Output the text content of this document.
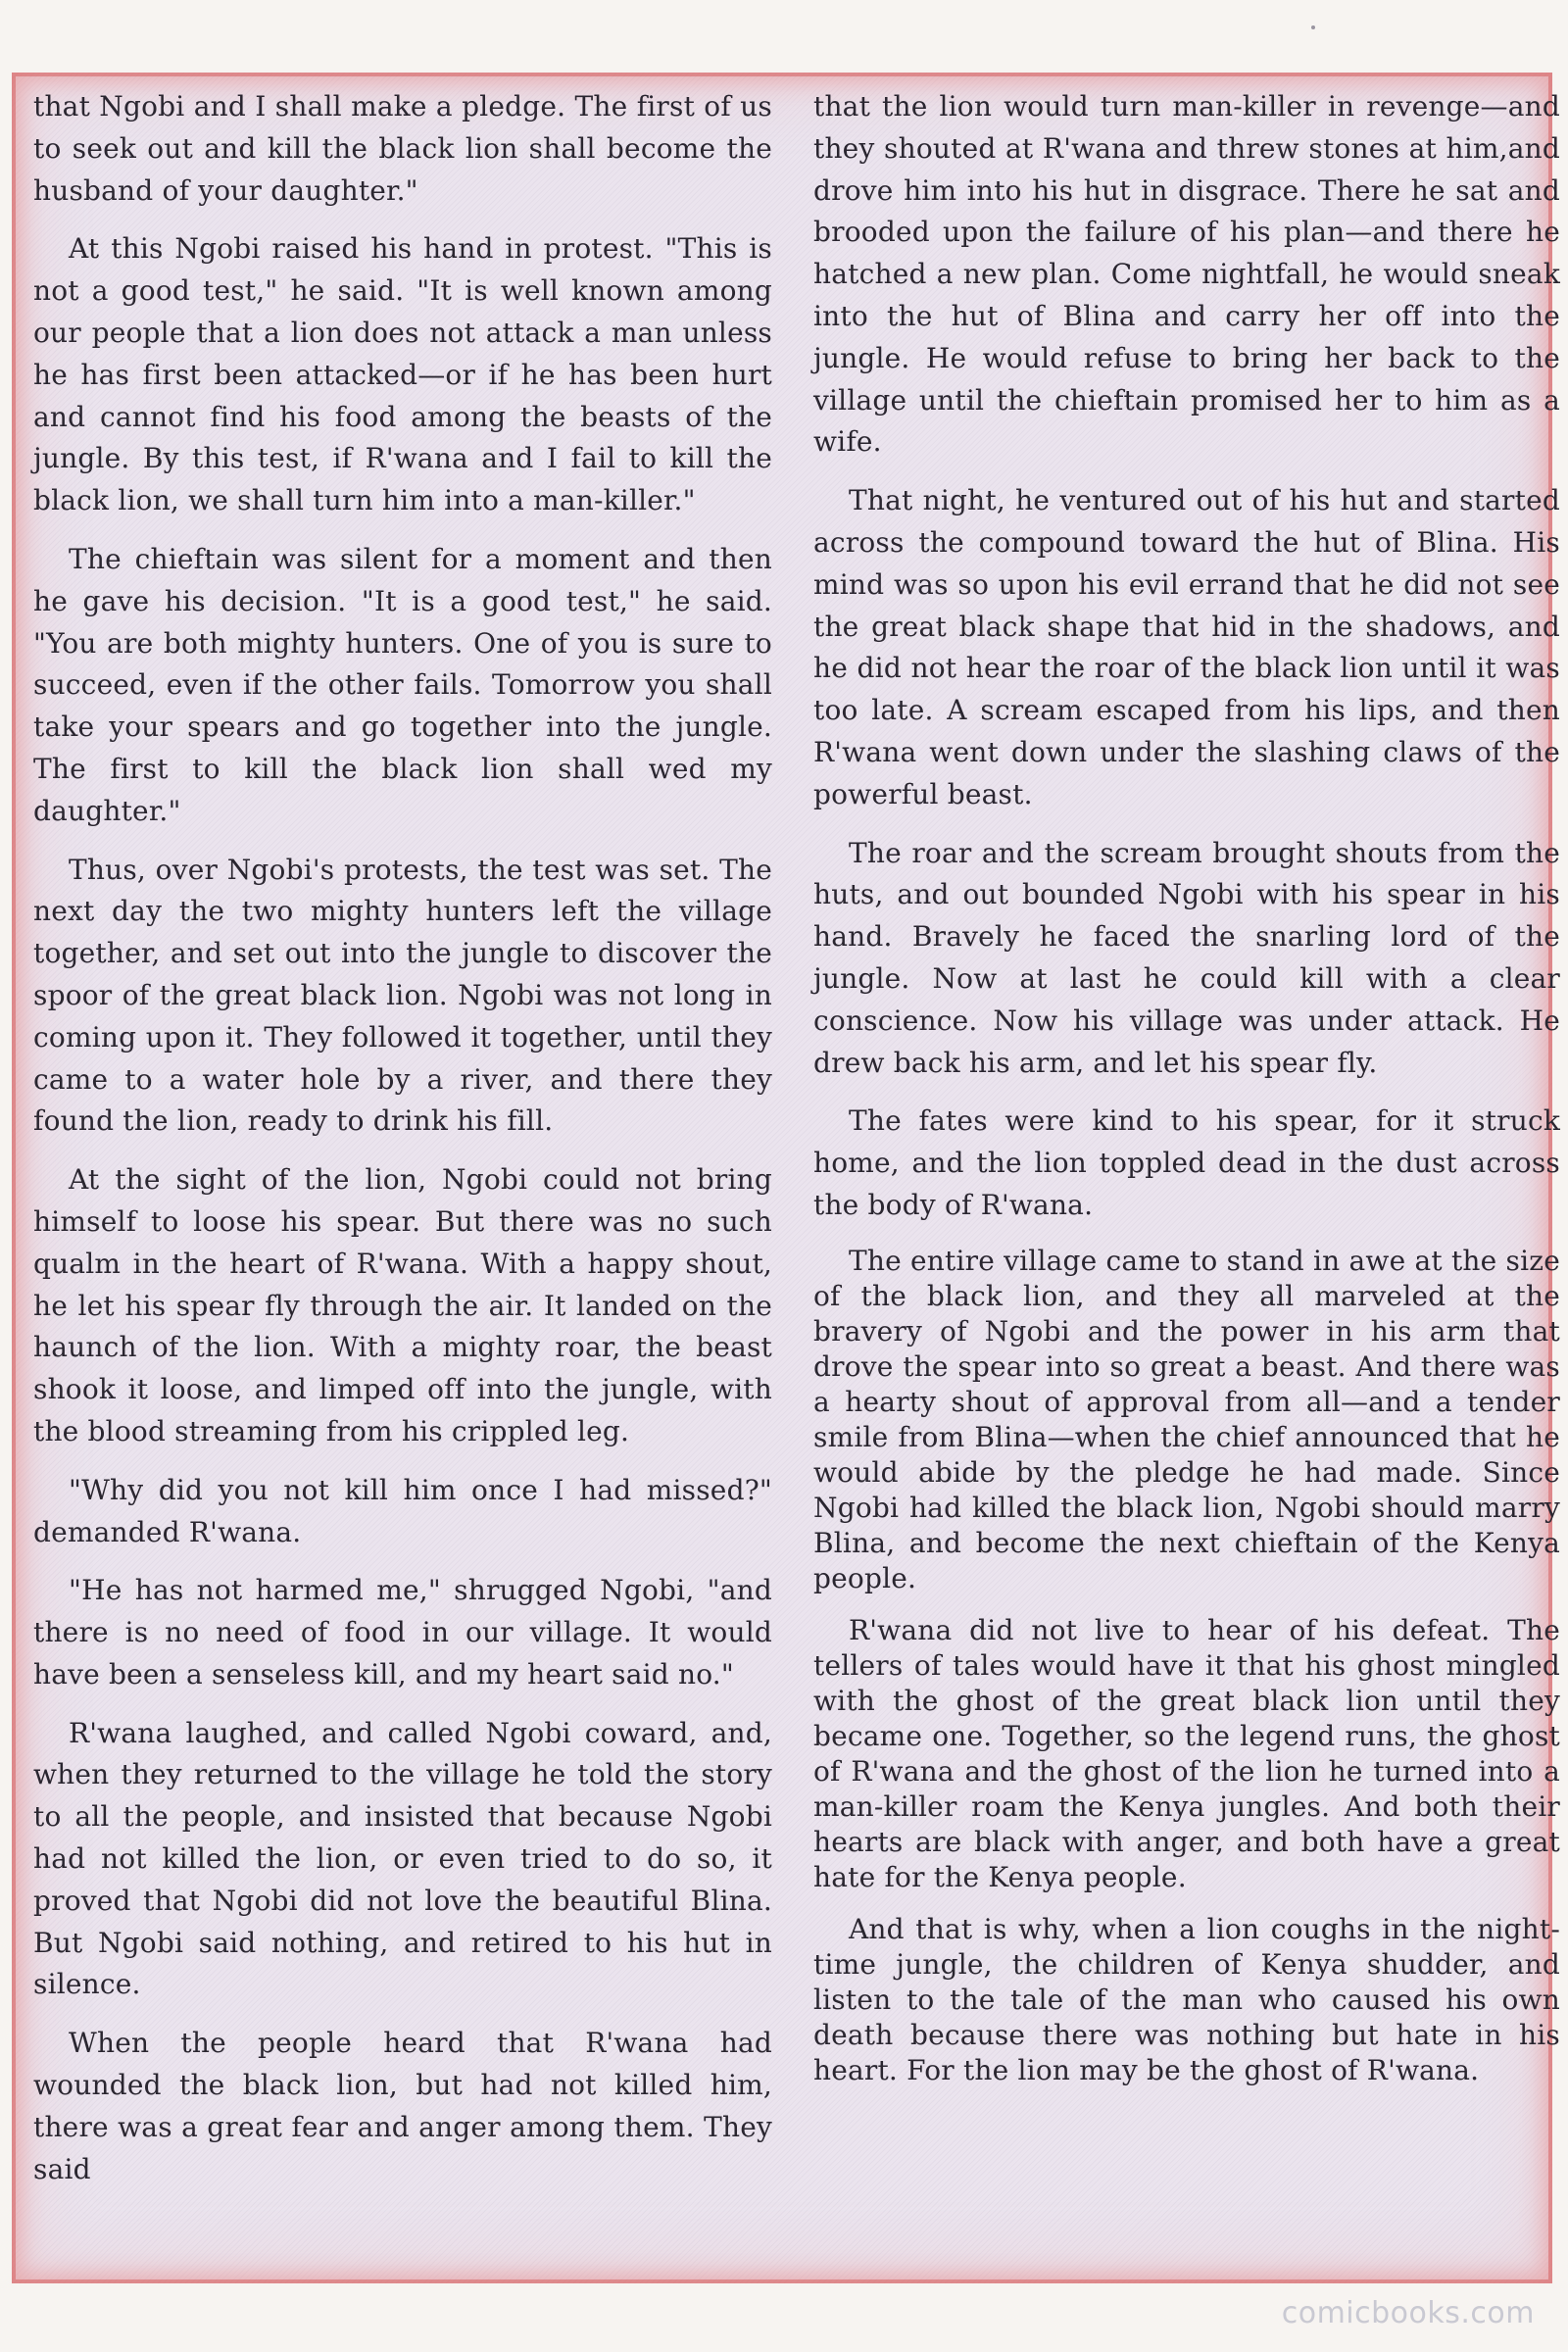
that Ngobi and I shall make a pledge. The first of us to seek out and kill the black lion shall become the husband of your daughter."

At this Ngobi raised his hand in protest. "This is not a good test," he said. "It is well known among our people that a lion does not attack a man unless he has first been attacked—or if he has been hurt and cannot find his food among the beasts of the jungle. By this test, if R'wana and I fail to kill the black lion, we shall turn him into a man-killer."

The chieftain was silent for a moment and then he gave his decision. "It is a good test," he said. "You are both mighty hunters. One of you is sure to succeed, even if the other fails. Tomorrow you shall take your spears and go together into the jungle. The first to kill the black lion shall wed my daughter."

Thus, over Ngobi's protests, the test was set. The next day the two mighty hunters left the village together, and set out into the jungle to discover the spoor of the great black lion. Ngobi was not long in coming upon it. They followed it together, until they came to a water hole by a river, and there they found the lion, ready to drink his fill.

At the sight of the lion, Ngobi could not bring himself to loose his spear. But there was no such qualm in the heart of R'wana. With a happy shout, he let his spear fly through the air. It landed on the haunch of the lion. With a mighty roar, the beast shook it loose, and limped off into the jungle, with the blood streaming from his crippled leg.

"Why did you not kill him once I had missed?" demanded R'wana.

"He has not harmed me," shrugged Ngobi, "and there is no need of food in our village. It would have been a senseless kill, and my heart said no."

R'wana laughed, and called Ngobi coward, and, when they returned to the village he told the story to all the people, and insisted that because Ngobi had not killed the lion, or even tried to do so, it proved that Ngobi did not love the beautiful Blina. But Ngobi said nothing, and retired to his hut in silence.

When the people heard that R'wana had wounded the black lion, but had not killed him, there was a great fear and anger among them. They said

that the lion would turn man-killer in revenge—and they shouted at R'wana and threw stones at him,and drove him into his hut in disgrace. There he sat and brooded upon the failure of his plan—and there he hatched a new plan. Come nightfall, he would sneak into the hut of Blina and carry her off into the jungle. He would refuse to bring her back to the village until the chieftain promised her to him as a wife.

That night, he ventured out of his hut and started across the compound toward the hut of Blina. His mind was so upon his evil errand that he did not see the great black shape that hid in the shadows, and he did not hear the roar of the black lion until it was too late. A scream escaped from his lips, and then R'wana went down under the slashing claws of the powerful beast.

The roar and the scream brought shouts from the huts, and out bounded Ngobi with his spear in his hand. Bravely he faced the snarling lord of the jungle. Now at last he could kill with a clear conscience. Now his village was under attack. He drew back his arm, and let his spear fly.

The fates were kind to his spear, for it struck home, and the lion toppled dead in the dust across the body of R'wana.

The entire village came to stand in awe at the size of the black lion, and they all marveled at the bravery of Ngobi and the power in his arm that drove the spear into so great a beast. And there was a hearty shout of approval from all—and a tender smile from Blina—when the chief announced that he would abide by the pledge he had made. Since Ngobi had killed the black lion, Ngobi should marry Blina, and become the next chieftain of the Kenya people.

R'wana did not live to hear of his defeat. The tellers of tales would have it that his ghost mingled with the ghost of the great black lion until they became one. Together, so the legend runs, the ghost of R'wana and the ghost of the lion he turned into a man-killer roam the Kenya jungles. And both their hearts are black with anger, and both have a great hate for the Kenya people.

And that is why, when a lion coughs in the night-time jungle, the children of Kenya shudder, and listen to the tale of the man who caused his own death because there was nothing but hate in his heart. For the lion may be the ghost of R'wana.

comicbooks.com
